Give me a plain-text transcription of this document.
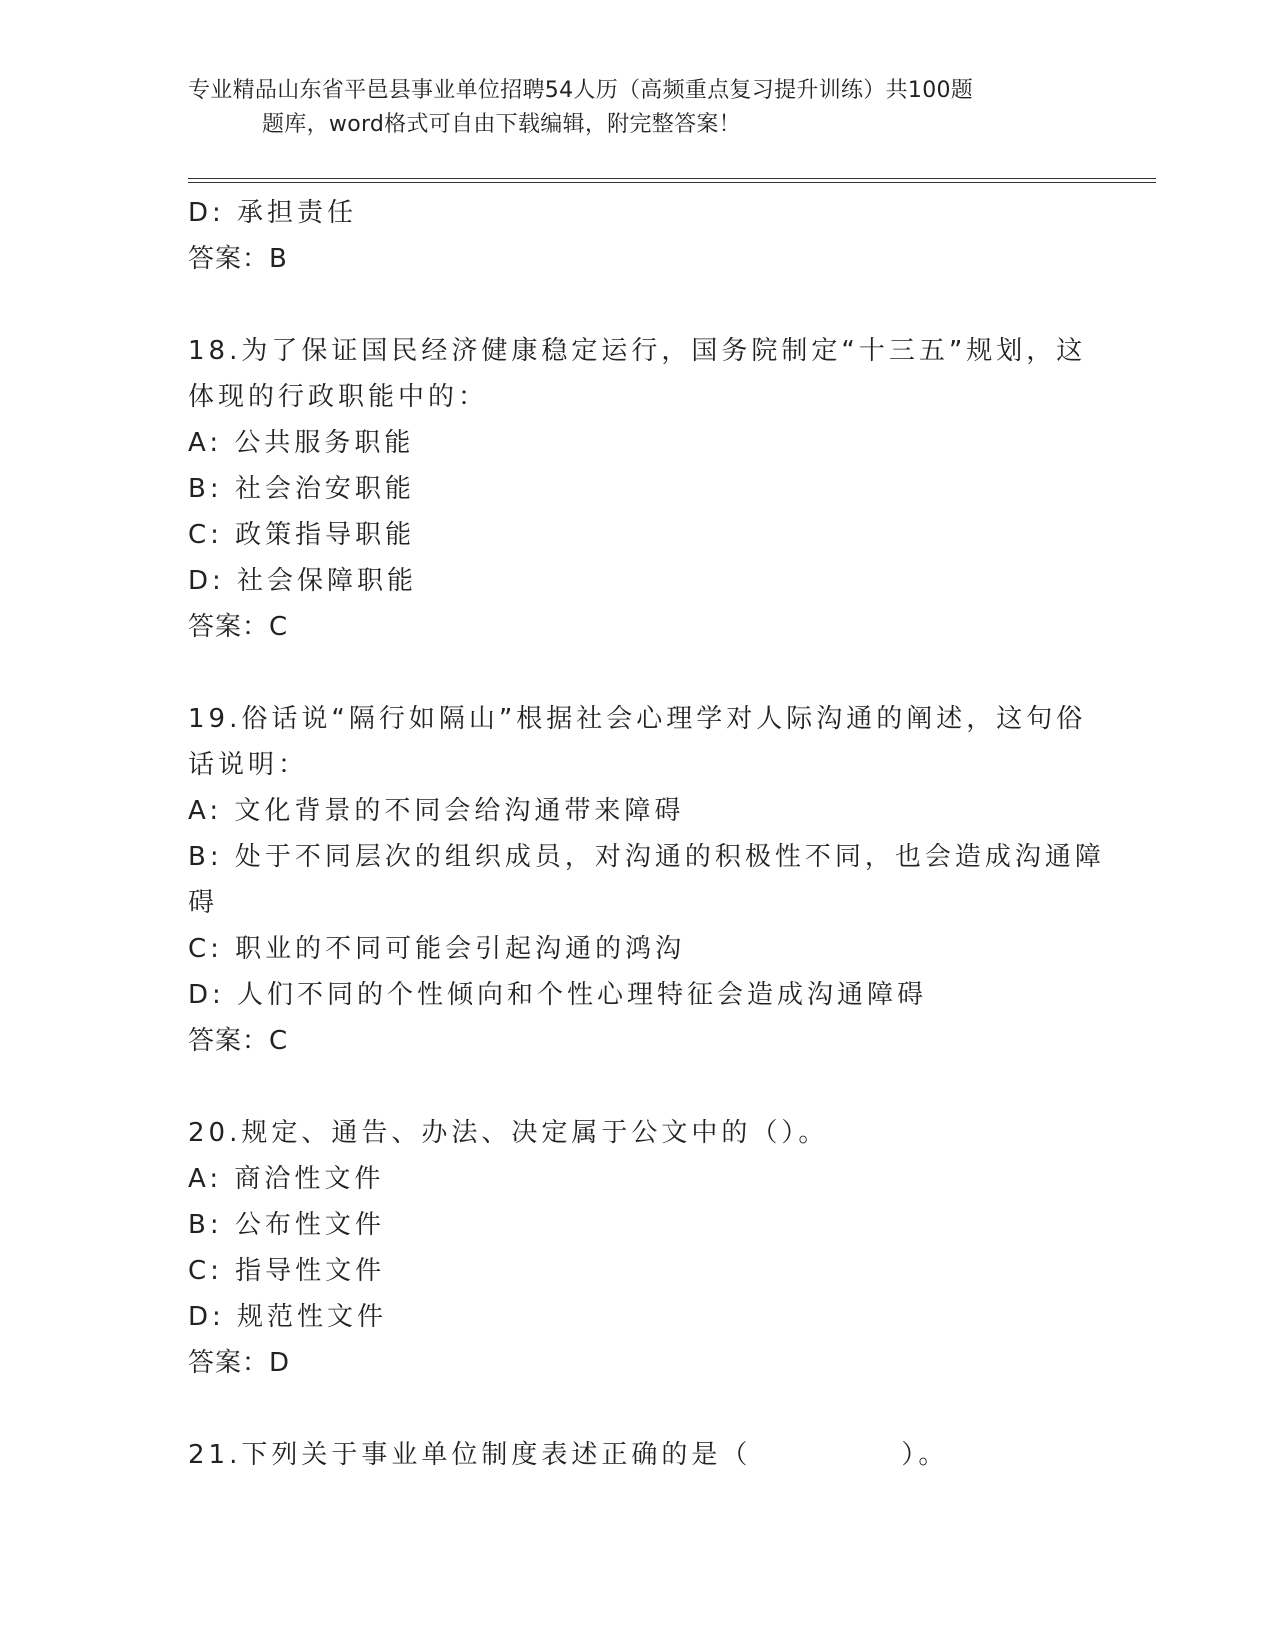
专业精品山东省平邑县事业单位招聘54人历（高频重点复习提升训练）共100题
题库，word格式可自由下载编辑，附完整答案！
D: 承担责任
答案：B
18.为了保证国民经济健康稳定运行，国务院制定“十三五”规划，这
体现的行政职能中的：
A: 公共服务职能
B: 社会治安职能
C: 政策指导职能
D: 社会保障职能
答案：C
19.俗话说“隔行如隔山”根据社会心理学对人际沟通的阐述，这句俗
话说明：
A: 文化背景的不同会给沟通带来障碍
B: 处于不同层次的组织成员，对沟通的积极性不同，也会造成沟通障
碍
C: 职业的不同可能会引起沟通的鸿沟
D: 人们不同的个性倾向和个性心理特征会造成沟通障碍
答案：C
20.规定、通告、办法、决定属于公文中的（）。
A: 商洽性文件
B: 公布性文件
C: 指导性文件
D: 规范性文件
答案：D
21.下列关于事业单位制度表述正确的是（　　　　　）。
